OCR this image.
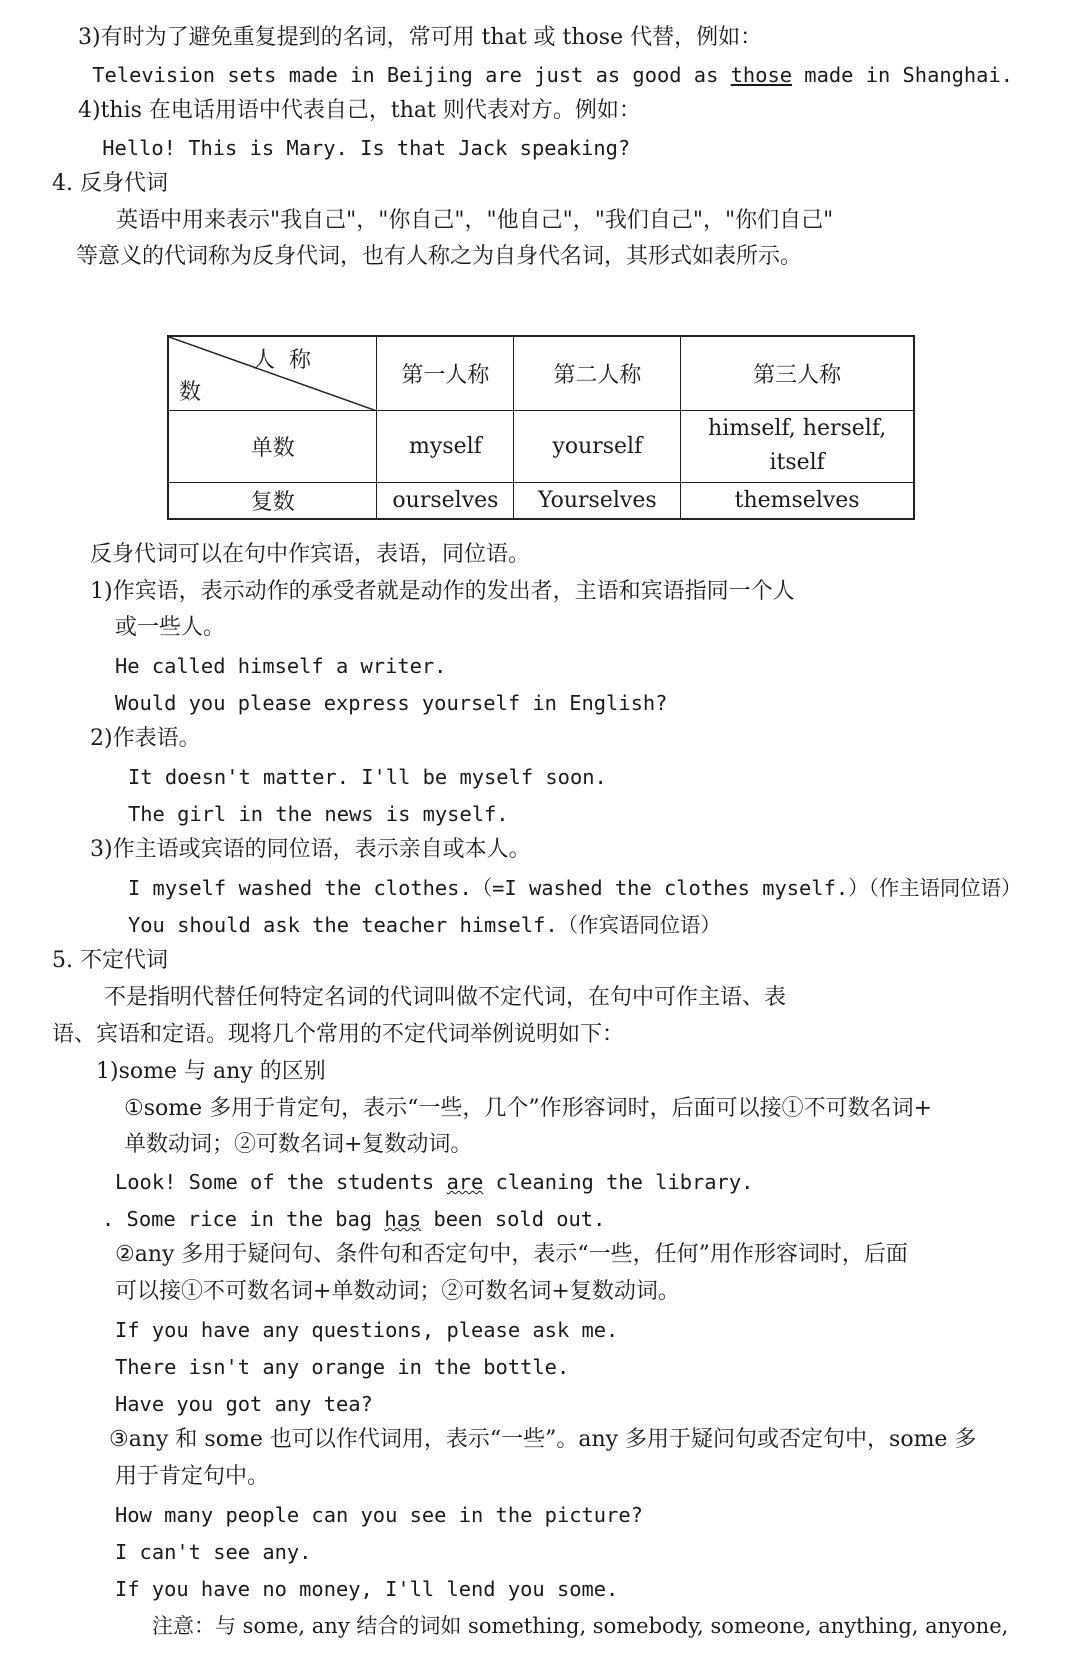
3)有时为了避免重复提到的名词，常可用 that 或 those 代替，例如：
Television sets made in Beijing are just as good as those made in Shanghai.
4)this 在电话用语中代表自己，that 则代表对方。例如：
Hello! This is Mary. Is that Jack speaking?
4. 反身代词
英语中用来表示"我自己"，"你自己"，"他自己"，"我们自己"，"你们自己"
等意义的代词称为反身代词，也有人称之为自身代名词，其形式如表所示。
人称
数	第一人称	第二人称	第三人称
单数	myself	yourself	himself, herself,
itself

复数	ourselves	Yourselves	themselves
反身代词可以在句中作宾语，表语，同位语。
1)作宾语，表示动作的承受者就是动作的发出者，主语和宾语指同一个人
或一些人。
He called himself a writer.
Would you please express yourself in English?
2)作表语。
It doesn't matter. I'll be myself soon.
The girl in the news is myself.
3)作主语或宾语的同位语，表示亲自或本人。
I myself washed the clothes.（=I washed the clothes myself.）（作主语同位语）
You should ask the teacher himself.（作宾语同位语）
5. 不定代词
不是指明代替任何特定名词的代词叫做不定代词，在句中可作主语、表
语、宾语和定语。现将几个常用的不定代词举例说明如下：
1)some 与 any 的区别
①some 多用于肯定句，表示“一些，几个”作形容词时，后面可以接①不可数名词+
单数动词；②可数名词+复数动词。
Look! Some of the students are cleaning the library.
. Some rice in the bag has been sold out.
②any 多用于疑问句、条件句和否定句中，表示“一些，任何”用作形容词时，后面
可以接①不可数名词+单数动词；②可数名词+复数动词。
If you have any questions, please ask me.
There isn't any orange in the bottle.
Have you got any tea?
③any 和 some 也可以作代词用，表示“一些”。any 多用于疑问句或否定句中，some 多
用于肯定句中。
How many people can you see in the picture?
I can't see any.
If you have no money, I'll lend you some.
注意：与 some, any 结合的词如 something, somebody, someone, anything, anyone,
